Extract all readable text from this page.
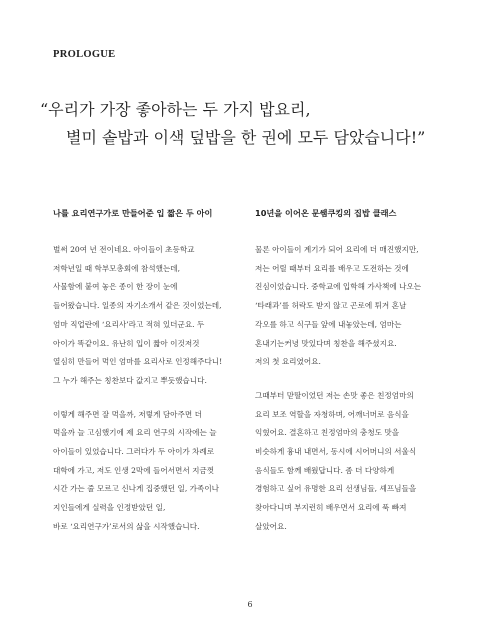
PROLOGUE
“우리가 가장 좋아하는 두 가지 밥요리,
별미 솥밥과 이색 덮밥을 한 권에 모두 담았습니다!”
나를 요리연구가로 만들어준 입 짧은 두 아이

벌써 20여 년 전이네요. 아이들이 초등학교
저학년일 때 학부모총회에 참석했는데,
사물함에 붙여 놓은 종이 한 장이 눈에
들어왔습니다. 일종의 자기소개서 같은 것이었는데,
엄마 직업란에 ‘요리사’라고 적혀 있더군요. 두
아이가 똑같이요. 유난히 입이 짧아 이것저것
열심히 만들어 먹인 엄마를 요리사로 인정해주다니!
그 누가 해주는 칭찬보다 값지고 뿌듯했습니다.

이렇게 해주면 잘 먹을까, 저렇게 담아주면 더
먹을까 늘 고심했기에 제 요리 연구의 시작에는 늘
아이들이 있었습니다. 그러다가 두 아이가 차례로
대학에 가고, 저도 인생 2막에 들어서면서 지금껏
시간 가는 줄 모르고 신나게 집중했던 일, 가족이나
지인들에게 실력을 인정받았던 일,
바로 ‘요리연구가’로서의 삶을 시작했습니다.

10년을 이어온 문쌤쿠킹의 집밥 클래스

물론 아이들이 계기가 되어 요리에 더 매진했지만,
저는 어릴 때부터 요리를 배우고 도전하는 것에
진심이었습니다. 중학교에 입학해 가사책에 나오는
‘타래과’를 허락도 받지 않고 곤로에 튀겨 혼날
각오를 하고 식구들 앞에 내놓았는데, 엄마는
혼내기는커녕 맛있다며 칭찬을 해주셨지요.
저의 첫 요리였어요.

그때부터 맏딸이었던 저는 손맛 좋은 친정엄마의
요리 보조 역할을 자청하며, 어깨너머로 음식을
익혔어요. 결혼하고 친정엄마의 충청도 맛을
비슷하게 흉내 내면서, 동시에 시어머니의 서울식
음식들도 함께 배웠답니다. 좀 더 다양하게
경험하고 싶어 유명한 요리 선생님들, 셰프님들을
찾아다니며 부지런히 배우면서 요리에 푹 빠져
살았어요.

6
